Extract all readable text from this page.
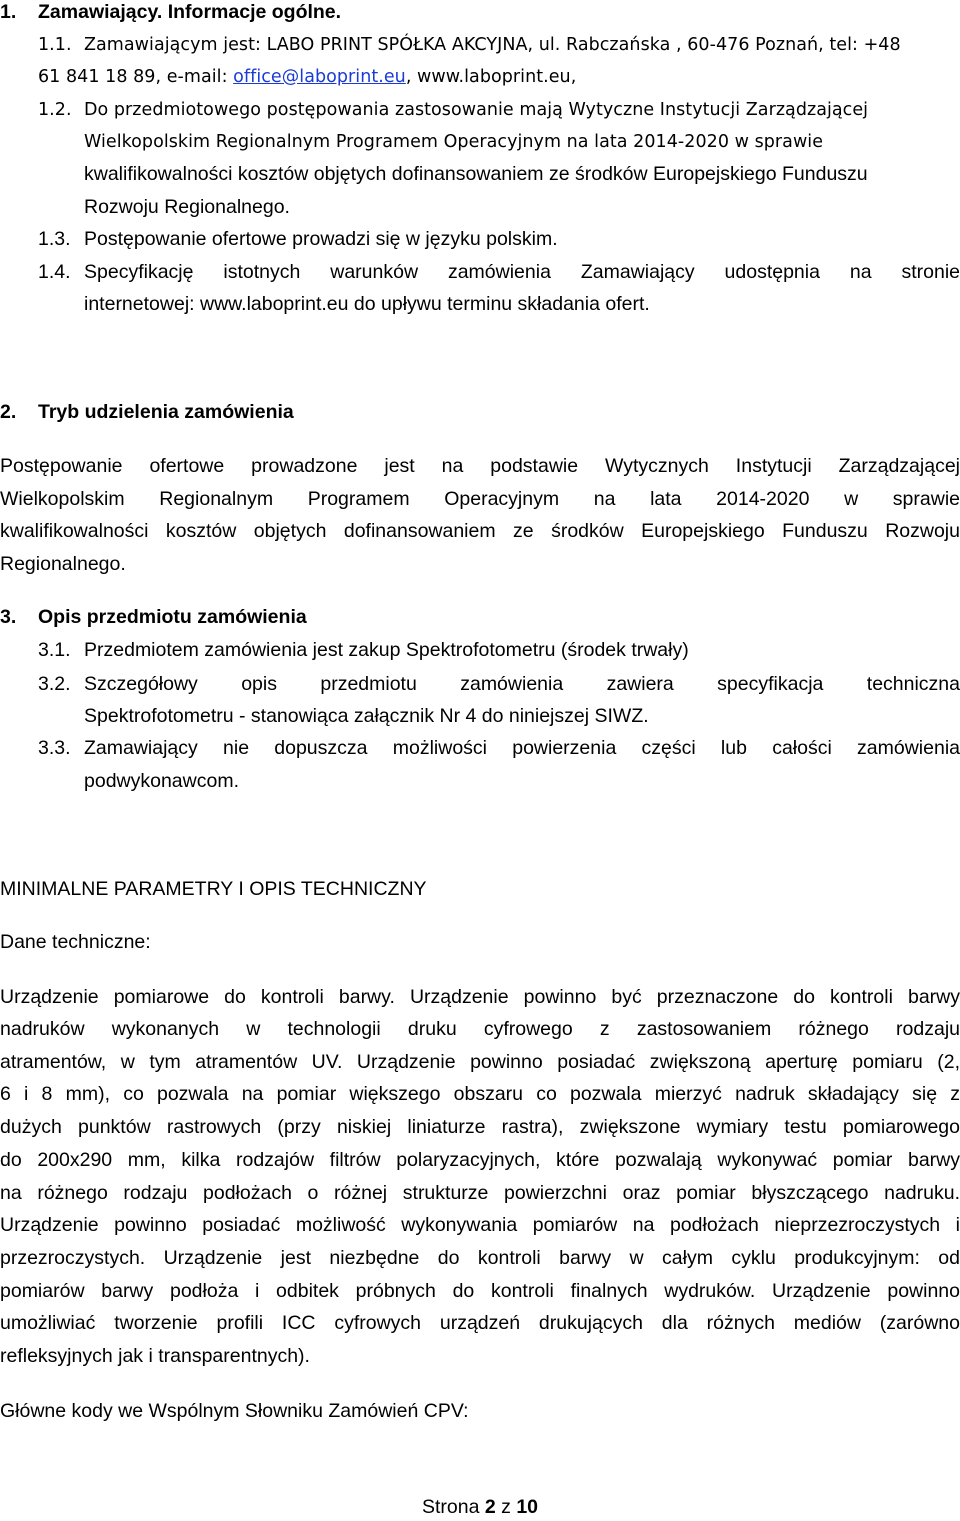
1. Zamawiający. Informacje ogólne.
1.1. Zamawiającym jest: LABO PRINT SPÓŁKA AKCYJNA, ul. Rabczańska , 60-476 Poznań, tel: +48
61 841 18 89, e-mail: office@laboprint.eu, www.laboprint.eu,
1.2. Do przedmiotowego postępowania zastosowanie mają Wytyczne Instytucji Zarządzającej
Wielkopolskim Regionalnym Programem Operacyjnym na lata 2014-2020 w sprawie
kwalifikowalności kosztów objętych dofinansowaniem ze środków Europejskiego Funduszu
Rozwoju Regionalnego.
1.3. Postępowanie ofertowe prowadzi się w języku polskim.
1.4. Specyfikację istotnych warunków zamówienia Zamawiający udostępnia na stronie
internetowej: www.laboprint.eu do upływu terminu składania ofert.
2. Tryb udzielenia zamówienia
Postępowanie ofertowe prowadzone jest na podstawie Wytycznych Instytucji Zarządzającej
Wielkopolskim Regionalnym Programem Operacyjnym na lata 2014-2020 w sprawie
kwalifikowalności kosztów objętych dofinansowaniem ze środków Europejskiego Funduszu Rozwoju
Regionalnego.
3. Opis przedmiotu zamówienia
3.1. Przedmiotem zamówienia jest zakup Spektrofotometru (środek trwały)
3.2. Szczegółowy opis przedmiotu zamówienia zawiera specyfikacja techniczna
Spektrofotometru - stanowiąca załącznik Nr 4 do niniejszej SIWZ.
3.3. Zamawiający nie dopuszcza możliwości powierzenia części lub całości zamówienia
podwykonawcom.
MINIMALNE PARAMETRY I OPIS TECHNICZNY
Dane techniczne:
Urządzenie pomiarowe do kontroli barwy. Urządzenie powinno być przeznaczone do kontroli barwy
nadruków wykonanych w technologii druku cyfrowego z zastosowaniem różnego rodzaju
atramentów, w tym atramentów UV. Urządzenie powinno posiadać zwiększoną aperturę pomiaru (2,
6 i 8 mm), co pozwala na pomiar większego obszaru co pozwala mierzyć nadruk składający się z
dużych punktów rastrowych (przy niskiej liniaturze rastra), zwiększone wymiary testu pomiarowego
do 200x290 mm, kilka rodzajów filtrów polaryzacyjnych, które pozwalają wykonywać pomiar barwy
na różnego rodzaju podłożach o różnej strukturze powierzchni oraz pomiar błyszczącego nadruku.
Urządzenie powinno posiadać możliwość wykonywania pomiarów na podłożach nieprzezroczystych i
przezroczystych. Urządzenie jest niezbędne do kontroli barwy w całym cyklu produkcyjnym: od
pomiarów barwy podłoża i odbitek próbnych do kontroli finalnych wydruków. Urządzenie powinno
umożliwiać tworzenie profili ICC cyfrowych urządzeń drukujących dla różnych mediów (zarówno
refleksyjnych jak i transparentnych).
Główne kody we Wspólnym Słowniku Zamówień CPV:
Strona 2 z 10
